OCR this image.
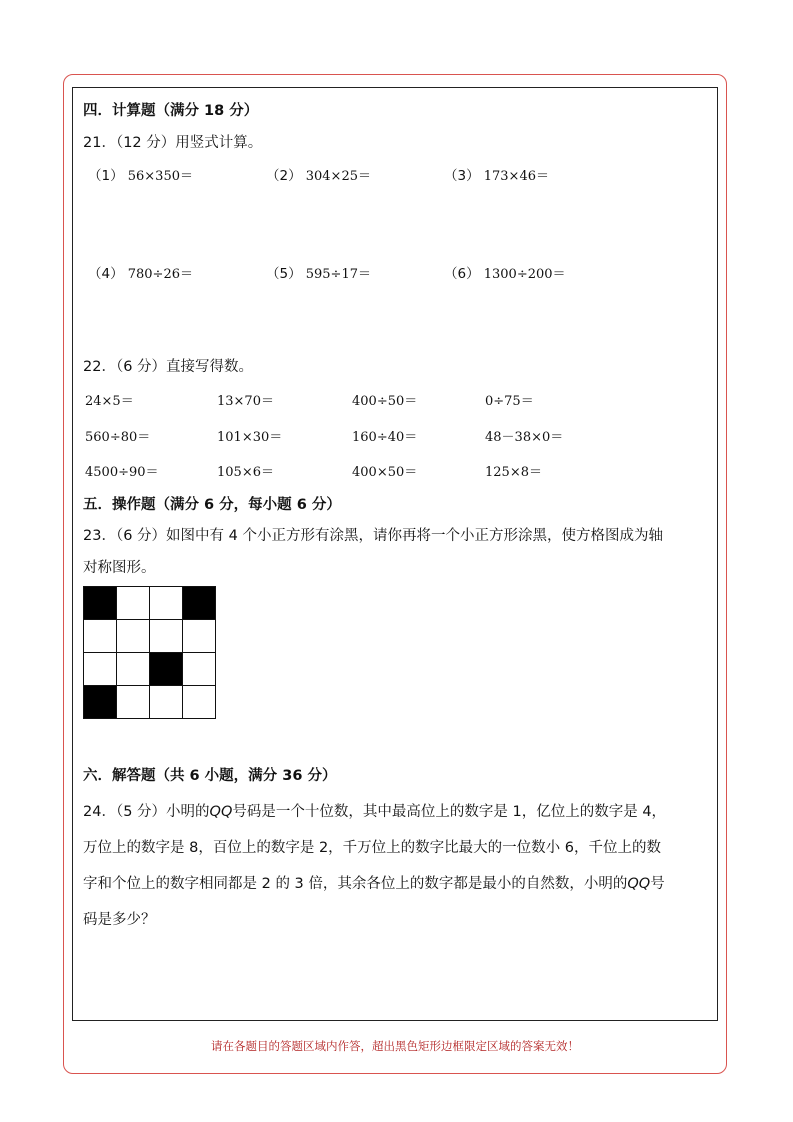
四．计算题（满分 18 分）
21．（12 分）用竖式计算。
（1） 56×350＝	（2） 304×25＝	（3） 173×46＝
（4） 780÷26＝	（5） 595÷17＝	（6） 1300÷200＝
22．（6 分）直接写得数。
24×5＝	13×70＝	400÷50＝	0÷75＝
560÷80＝	101×30＝	160÷40＝	48－38×0＝
4500÷90＝	105×6＝	400×50＝	125×8＝
五．操作题（满分 6 分，每小题 6 分）
23．（6 分）如图中有 4 个小正方形有涂黑，请你再将一个小正方形涂黑，使方格图成为轴
对称图形。
六．解答题（共 6 小题，满分 36 分）
24．（5 分）小明的QQ号码是一个十位数，其中最高位上的数字是 1，亿位上的数字是 4，
万位上的数字是 8，百位上的数字是 2，千万位上的数字比最大的一位数小 6，千位上的数
字和个位上的数字相同都是 2 的 3 倍，其余各位上的数字都是最小的自然数，小明的QQ号
码是多少？
请在各题目的答题区域内作答，超出黑色矩形边框限定区域的答案无效！
